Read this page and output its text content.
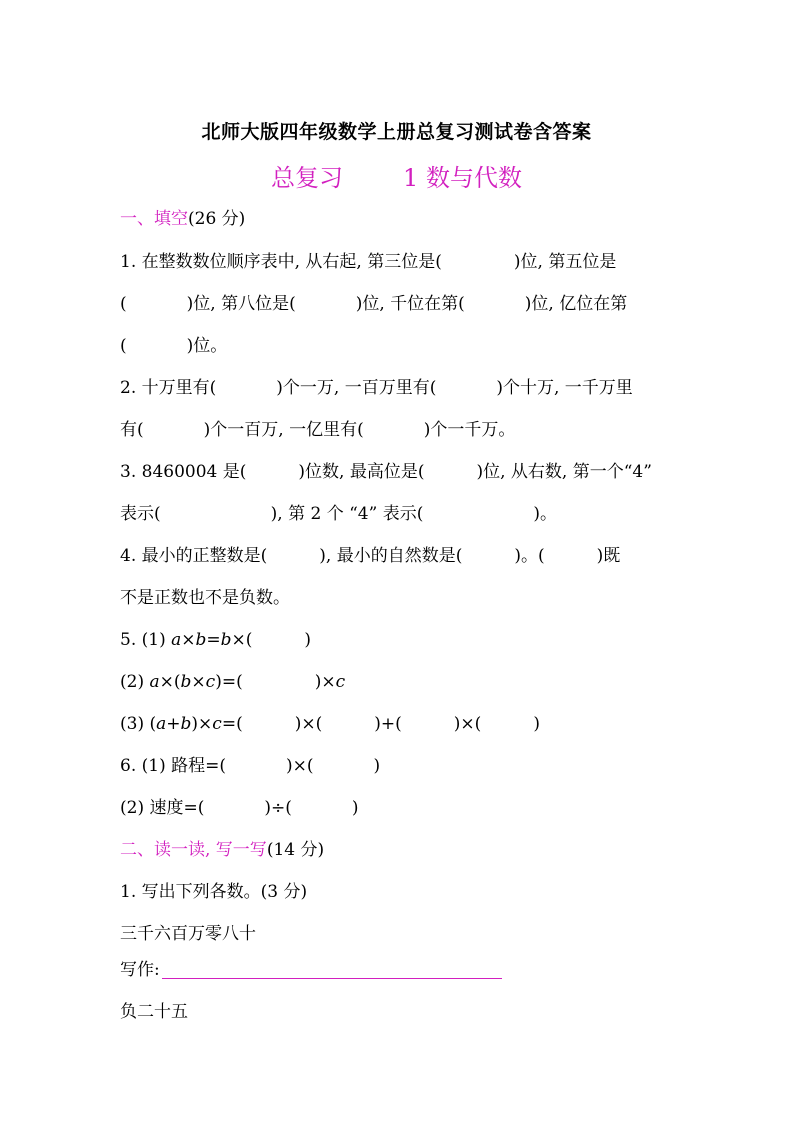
北师大版四年级数学上册总复习测试卷含答案
总复习	1 数与代数
一、填空(26 分)
1. 在整数数位顺序表中, 从右起, 第三位是(	)位, 第五位是
(	)位, 第八位是(	)位, 千位在第(	)位, 亿位在第
(	)位。
2. 十万里有(	)个一万, 一百万里有(	)个十万, 一千万里
有(	)个一百万, 一亿里有(	)个一千万。
3. 8460004 是(	)位数, 最高位是(	)位, 从右数, 第一个“4”
表示(	), 第 2 个 “4” 表示(	)。
4. 最小的正整数是(	), 最小的自然数是(	)。(	)既
不是正数也不是负数。
5. (1) a×b=b×(	)
(2) a×(b×c)=(	)×c
(3) (a+b)×c=(	)×(	)+(	)×(	)
6. (1) 路程=(	)×(	)
(2) 速度=(	)÷(	)
二、读一读, 写一写(14 分)
1. 写出下列各数。(3 分)
三千六百万零八十
写作:
负二十五
